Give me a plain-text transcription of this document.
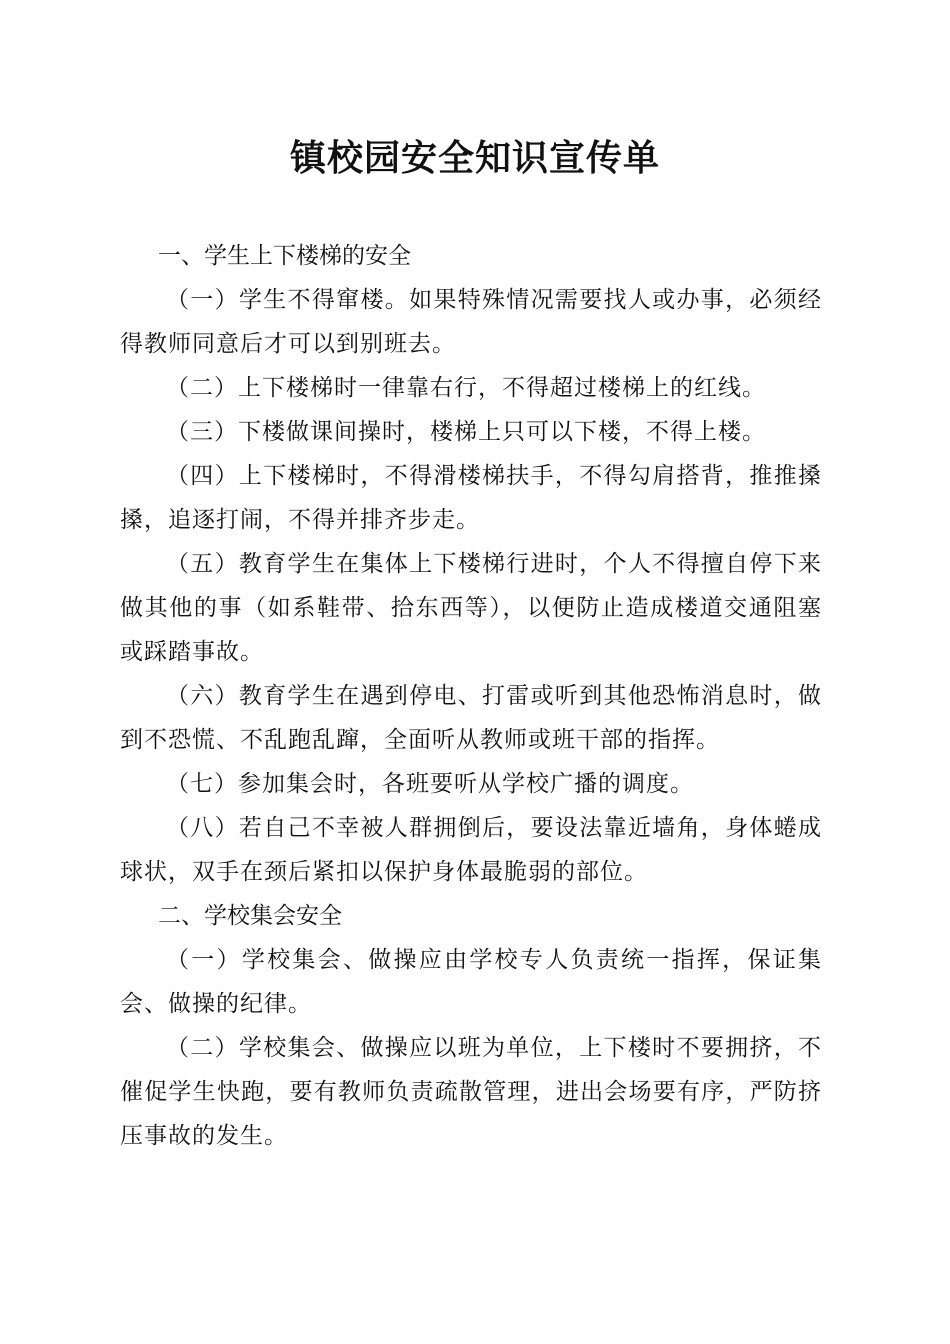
镇校园安全知识宣传单

一、学生上下楼梯的安全

（一）学生不得窜楼。如果特殊情况需要找人或办事，必须经得教师同意后才可以到别班去。

（二）上下楼梯时一律靠右行，不得超过楼梯上的红线。

（三）下楼做课间操时，楼梯上只可以下楼，不得上楼。

（四）上下楼梯时，不得滑楼梯扶手，不得勾肩搭背，推推搡搡，追逐打闹，不得并排齐步走。

（五）教育学生在集体上下楼梯行进时，个人不得擅自停下来做其他的事（如系鞋带、拾东西等），以便防止造成楼道交通阻塞或踩踏事故。

（六）教育学生在遇到停电、打雷或听到其他恐怖消息时，做到不恐慌、不乱跑乱蹿，全面听从教师或班干部的指挥。

（七）参加集会时，各班要听从学校广播的调度。

（八）若自己不幸被人群拥倒后，要设法靠近墙角，身体蜷成球状，双手在颈后紧扣以保护身体最脆弱的部位。

二、学校集会安全

（一）学校集会、做操应由学校专人负责统一指挥，保证集会、做操的纪律。

（二）学校集会、做操应以班为单位，上下楼时不要拥挤，不催促学生快跑，要有教师负责疏散管理，进出会场要有序，严防挤压事故的发生。
